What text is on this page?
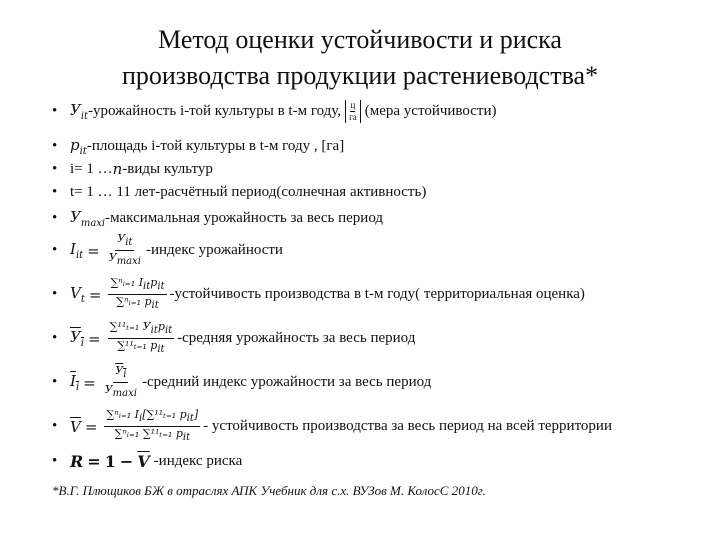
Метод оценки устойчивости и риска
производства продукции растениеводства*
• $У_{it}$ -урожайность i-той культуры в t-м году, ц
га (мера устойчивости)
• $p_{it}$ -площадь i-той культуры в t-м году , [га]
• i= 1 … n -виды культур
• t= 1 … 11 лет-расчётный период(солнечная активность)
• $У_{maxi}$ -максимальная урожайность за весь период
• $I_{it} = \frac{У_{it}}{У_{maxi}}$ -индекс урожайности
• $V_t = \frac{\sum^nᵢ_{=1} I_{it}p_{it}}{\sum^nᵢ_{=1} p_{it}}$ -устойчивость производства в t-м году( территориальная оценка)
• $У_i = \frac{\sum^{11}_{t=1} У_{it}p_{it}}{\sum^{11}_{t=1} p_{it}}$ -средняя урожайность за весь период
• $I_i = \frac{У_i}{У_{maxi}}$ -средний индекс урожайности за весь период
• $\overline{V} = \frac{\sum^nᵢ_{=1} I_i[\sum^{11}_{t=1} p_{it}]}{\sum^nᵢ_{=1} \sum^{11}_{t=1} p_{it}}$ - устойчивость производства за весь период на всей территории
• $R = 1 - \overline{V}$ -индекс риска
*В.Г. Плющиков БЖ в отраслях АПК Учебник для с.х. ВУЗов М. КолосС 2010г.
